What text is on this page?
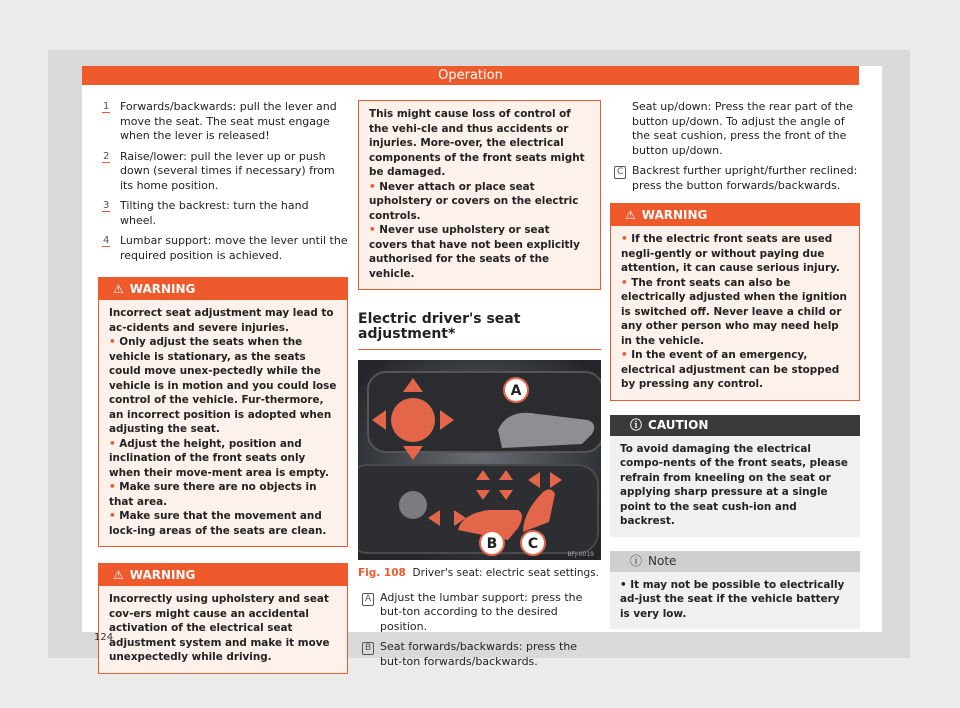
Operation
1 Forwards/backwards: pull the lever and move the seat. The seat must engage when the lever is released!
2 Raise/lower: pull the lever up or push down (several times if necessary) from its home position.
3 Tilting the backrest: turn the hand wheel.
4 Lumbar support: move the lever until the required position is achieved.
⚠ WARNING
Incorrect seat adjustment may lead to ac-cidents and severe injuries.
• Only adjust the seats when the vehicle is stationary, as the seats could move unex-pectedly while the vehicle is in motion and you could lose control of the vehicle. Fur-thermore, an incorrect position is adopted when adjusting the seat.
• Adjust the height, position and inclination of the front seats only when their move-ment area is empty.
• Make sure there are no objects in that area.
• Make sure that the movement and lock-ing areas of the seats are clean.
⚠ WARNING
Incorrectly using upholstery and seat cov-ers might cause an accidental activation of the electrical seat adjustment system and make it move unexpectedly while driving.
This might cause loss of control of the vehi-cle and thus accidents or injuries. More-over, the electrical components of the front seats might be damaged.
• Never attach or place seat upholstery or covers on the electric controls.
• Never use upholstery or seat covers that have not been explicitly authorised for the seats of the vehicle.
Electric driver's seat adjustment*
A
B C
BFJ-0019
Fig. 108 Driver's seat: electric seat settings.
A Adjust the lumbar support: press the but-ton according to the desired position.
B Seat forwards/backwards: press the but-ton forwards/backwards.
Seat up/down: Press the rear part of the button up/down. To adjust the angle of the seat cushion, press the front of the button up/down.
C Backrest further upright/further reclined: press the button forwards/backwards.
⚠ WARNING
• If the electric front seats are used negli-gently or without paying due attention, it can cause serious injury.
• The front seats can also be electrically adjusted when the ignition is switched off. Never leave a child or any other person who may need help in the vehicle.
• In the event of an emergency, electrical adjustment can be stopped by pressing any control.
ⓘ CAUTION
To avoid damaging the electrical compo-nents of the front seats, please refrain from kneeling on the seat or applying sharp pressure at a single point to the seat cush-ion and backrest.
ⓘ Note
• It may not be possible to electrically ad-just the seat if the vehicle battery is very low.
124
